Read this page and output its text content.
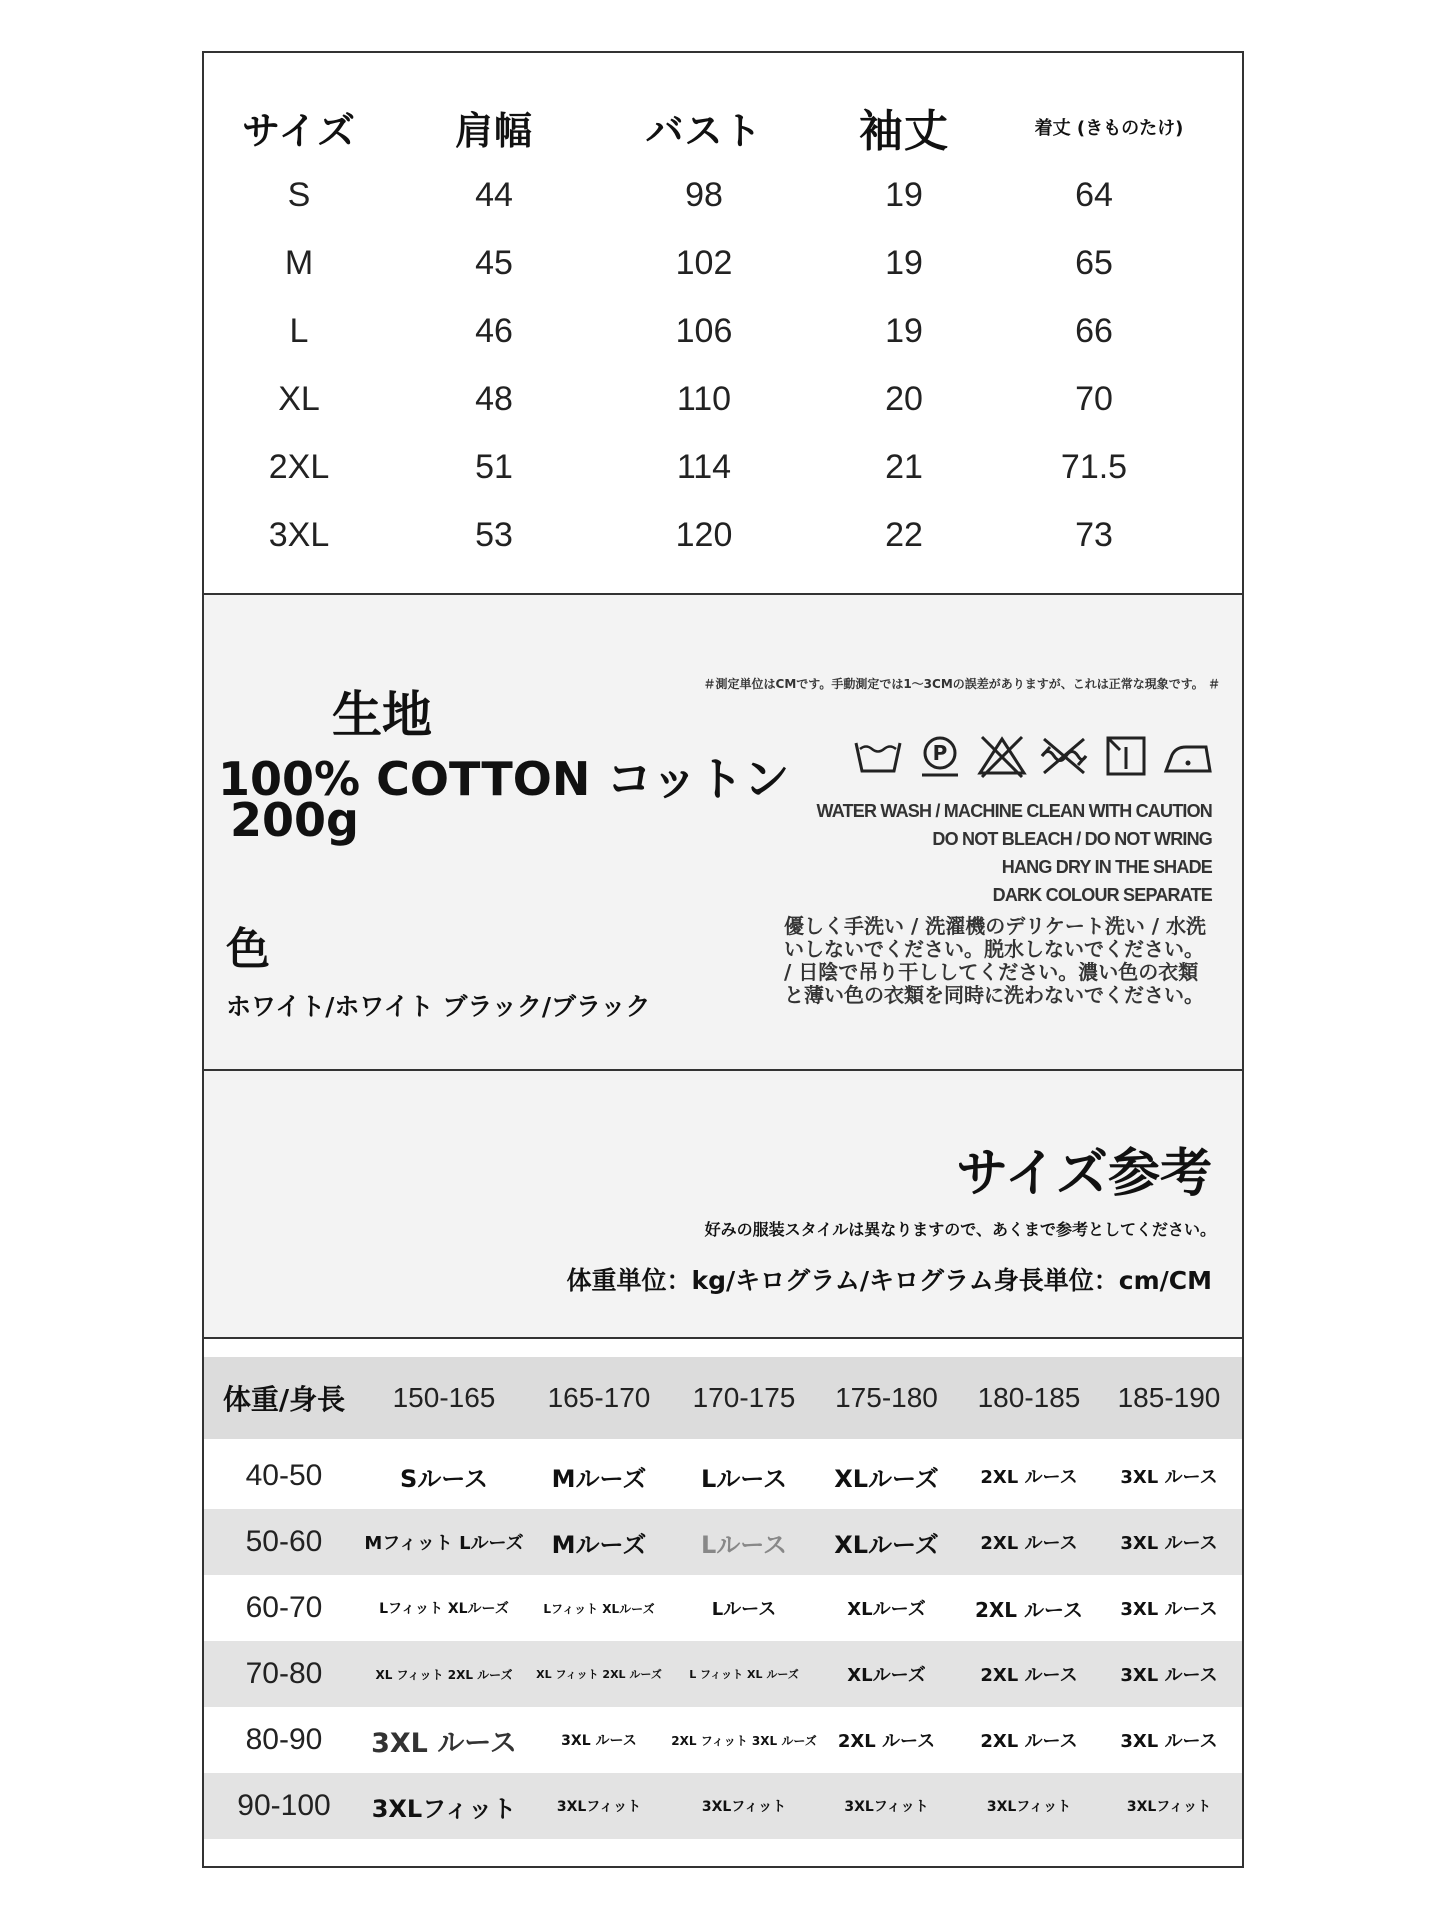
サイズ	肩幅	バスト	袖丈	着丈 (きものたけ)
S	44	98	19	64
M	45	102	19	65
L	46	106	19	66
XL	48	110	20	70
2XL	51	114	21	71.5
3XL	53	120	22	73
生地
100% COTTON コットン
200g
色
ホワイト/ホワイト ブラック/ブラック
＃測定単位はCMです。手動測定では1～3CMの誤差がありますが、これは正常な現象です。 ＃
P
WATER WASH / MACHINE CLEAN WITH CAUTION
DO NOT BLEACH / DO NOT WRING
HANG DRY IN THE SHADE
DARK COLOUR SEPARATE
優しく手洗い / 洗濯機のデリケート洗い / 水洗
いしないでください。脱水しないでください。
/ 日陰で吊り干ししてください。濃い色の衣類
と薄い色の衣類を同時に洗わないでください。
サイズ参考
好みの服装スタイルは異なりますので、あくまで参考としてください。
体重単位：kg/キログラム/キログラム身長単位：cm/CM
体重/身長	150-165	165-170	170-175	175-180	180-185	185-190
40-50	Sルース	Mルーズ	Lルース	XLルーズ	2XL ルース	3XL ルース
50-60	Mフィット Lルーズ	Mルーズ	Lルース	XLルーズ	2XL ルース	3XL ルース
60-70	Lフィット XLルーズ	Lフィット XLルーズ	Lルース	XLルーズ	2XL ルース	3XL ルース
70-80	XL フィット 2XL ルーズ	XL フィット 2XL ルーズ	L フィット XL ルーズ	XLルーズ	2XL ルース	3XL ルース
80-90	3XL ルース	3XL ルース	2XL フィット 3XL ルーズ	2XL ルース	2XL ルース	3XL ルース
90-100	3XLフィット	3XLフィット	3XLフィット	3XLフィット	3XLフィット	3XLフィット
